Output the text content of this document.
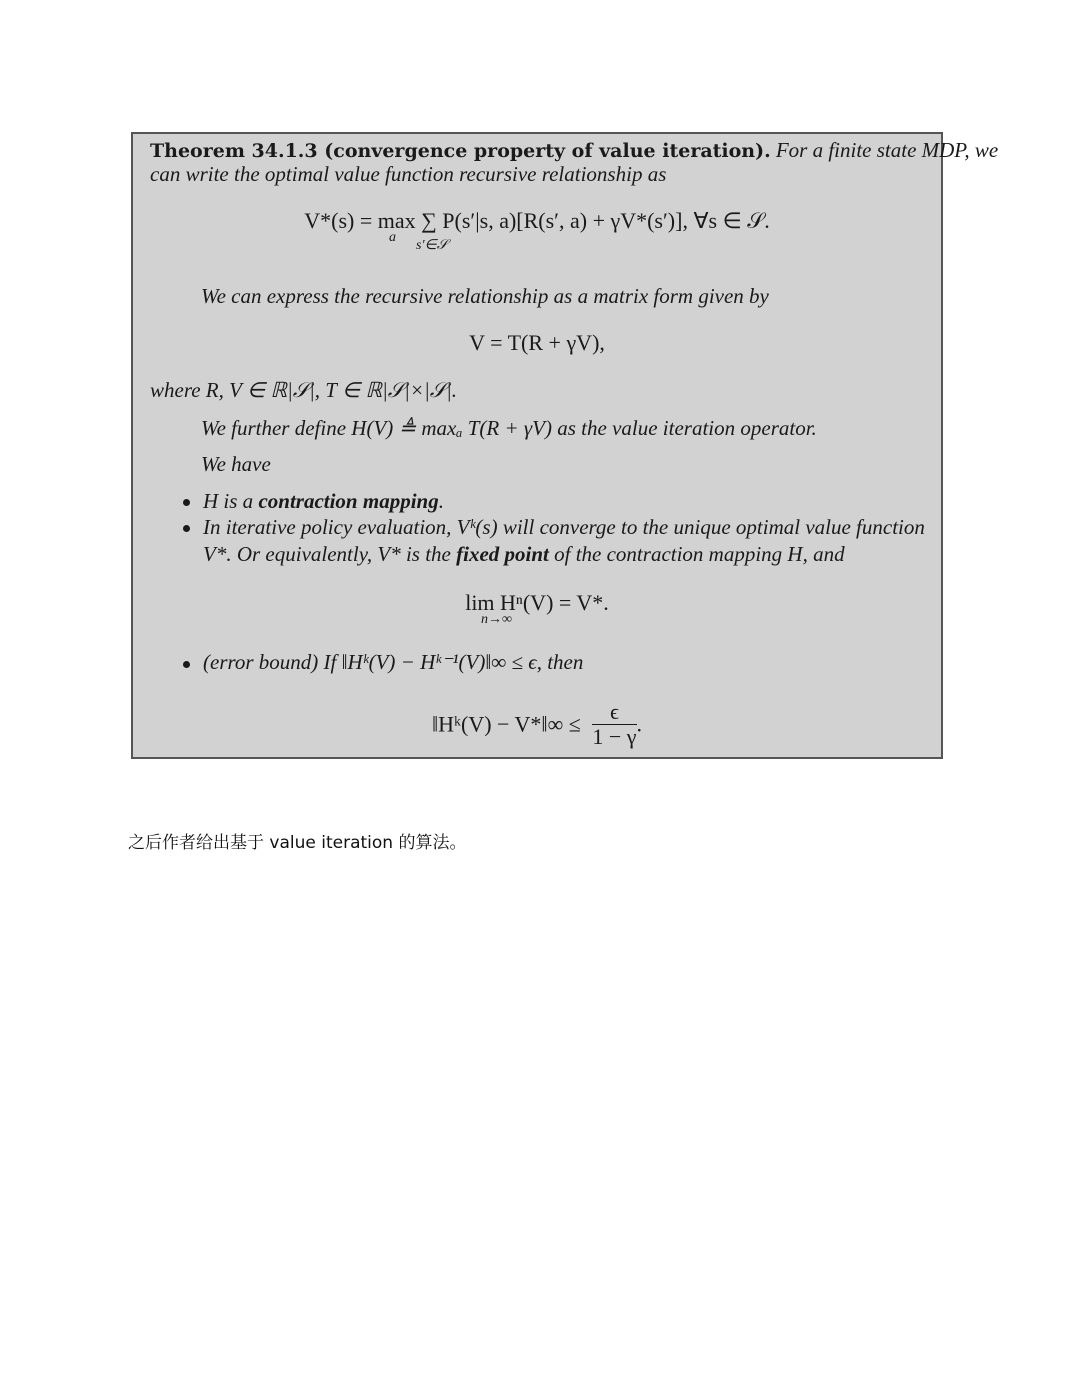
Theorem 34.1.3 (convergence property of value iteration). For a finite state MDP, we
can write the optimal value function recursive relationship as
V*(s) = max ∑ P(s′|s, a)[R(s′, a) + γV*(s′)], ∀s ∈ 𝒮.
a
s′∈𝒮
We can express the recursive relationship as a matrix form given by
V = T(R + γV),
where R, V ∈ ℝ|𝒮|, T ∈ ℝ|𝒮|×|𝒮|.
We further define H(V) ≜ maxₐ T(R + γV) as the value iteration operator.
We have
H is a contraction mapping.
In iterative policy evaluation, Vᵏ(s) will converge to the unique optimal value function
V*. Or equivalently, V* is the fixed point of the contraction mapping H, and
lim Hⁿ(V) = V*.
n→∞
(error bound) If ‖Hᵏ(V) − Hᵏ⁻¹(V)‖∞ ≤ ϵ, then
‖Hᵏ(V) − V*‖∞ ≤ $\frac{\epsilon}{1 - \gamma}$ .
之后作者给出基于 value iteration 的算法。
